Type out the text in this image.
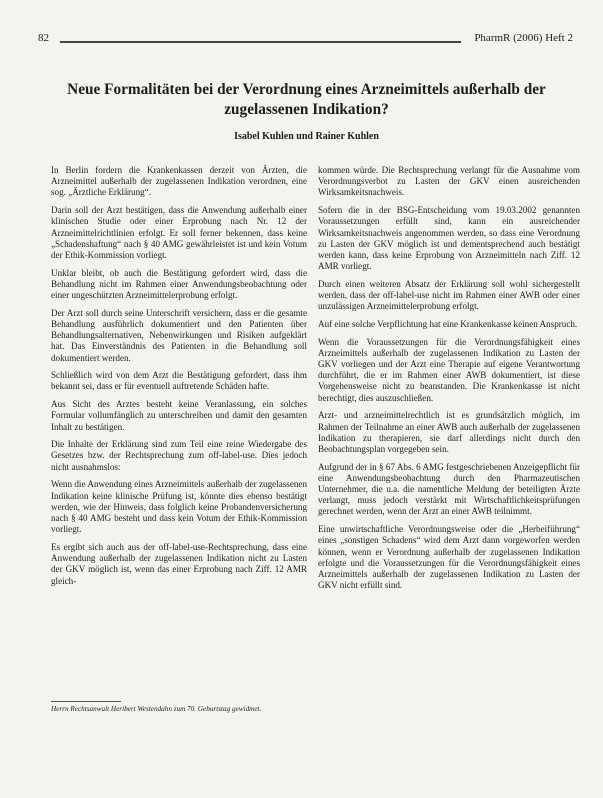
82	PharmR (2006) Heft 2
Neue Formalitäten bei der Verordnung eines Arzneimittels außerhalb der zugelassenen Indikation?
Isabel Kuhlen und Rainer Kuhlen

In Berlin fordern die Krankenkassen derzeit von Ärzten, die Arzneimittel außerhalb der zugelassenen Indikation verordnen, eine sog. „Ärztliche Erklärung“.

Darin soll der Arzt bestätigen, dass die Anwendung außerhalb einer klinischen Studie oder einer Erprobung nach Nr. 12 der Arzneimittelrichtlinien erfolgt. Er soll ferner bekennen, dass keine „Schadenshaftung“ nach § 40 AMG gewährleistet ist und kein Votum der Ethik-Kommission vorliegt.

Unklar bleibt, ob auch die Bestätigung gefordert wird, dass die Behandlung nicht im Rahmen einer Anwendungsbeobachtung oder einer ungeschützten Arzneimittelerprobung erfolgt.

Der Arzt soll durch seine Unterschrift versichern, dass er die gesamte Behandlung ausführlich dokumentiert und den Patienten über Behandlungsalternativen, Nebenwirkungen und Risiken aufgeklärt hat. Das Einverständnis des Patienten in die Behandlung soll dokumentiert werden.

Schließlich wird von dem Arzt die Bestätigung gefordert, dass ihm bekannt sei, dass er für eventuell auftretende Schäden hafte.

Aus Sicht des Arztes besteht keine Veranlassung, ein solches Formular vollumfänglich zu unterschreiben und damit den gesamten Inhalt zu bestätigen.

Die Inhalte der Erklärung sind zum Teil eine reine Wiedergabe des Gesetzes bzw. der Rechtsprechung zum off-label-use. Dies jedoch nicht ausnahmslos:

Wenn die Anwendung eines Arzneimittels außerhalb der zugelassenen Indikation keine klinische Prüfung ist, könnte dies ebenso bestätigt werden, wie der Hinweis, dass folglich keine Probandenversicherung nach § 40 AMG besteht und dass kein Votum der Ethik-Kommission vorliegt.

Es ergibt sich auch aus der off-label-use-Rechtsprechung, dass eine Anwendung außerhalb der zugelassenen Indikation nicht zu Lasten der GKV möglich ist, wenn das einer Erprobung nach Ziff. 12 AMR gleich-

kommen würde. Die Rechtsprechung verlangt für die Ausnahme vom Verordnungsverbot zu Lasten der GKV einen ausreichenden Wirksamkeitsnachweis.

Sofern die in der BSG-Entscheidung vom 19.03.2002 genannten Voraussetzungen erfüllt sind, kann ein ausreichender Wirksamkeitsnachweis angenommen werden, so dass eine Verordnung zu Lasten der GKV möglich ist und dementsprechend auch bestätigt werden kann, dass keine Erprobung von Arzneimitteln nach Ziff. 12 AMR vorliegt.

Durch einen weiteren Absatz der Erklärung soll wohl sichergestellt werden, dass der off-label-use nicht im Rahmen einer AWB oder einer unzulässigen Arzneimittelerprobung erfolgt.

Auf eine solche Verpflichtung hat eine Krankenkasse keinen Anspruch.

Wenn die Voraussetzungen für die Verordnungsfähigkeit eines Arzneimittels außerhalb der zugelassenen Indikation zu Lasten der GKV vorliegen und der Arzt eine Therapie auf eigene Verantwortung durchführt, die er im Rahmen einer AWB dokumentiert, ist diese Vorgehensweise nicht zu beanstanden. Die Krankenkasse ist nicht berechtigt, dies auszuschließen.

Arzt- und arzneimittelrechtlich ist es grundsätzlich möglich, im Rahmen der Teilnahme an einer AWB auch außerhalb der zugelassenen Indikation zu therapieren, sie darf allerdings nicht durch den Beobachtungsplan vorgegeben sein.

Aufgrund der in § 67 Abs. 6 AMG festgeschriebenen Anzeigepflicht für eine Anwendungsbeobachtung durch den Pharmazeutischen Unternehmer, die u.a. die namentliche Meldung der beteiligten Ärzte verlangt, muss jedoch verstärkt mit Wirtschaftlichkeitsprüfungen gerechnet werden, wenn der Arzt an einer AWB teilnimmt.

Eine unwirtschaftliche Verordnungsweise oder die „Herbeiführung“ eines „sonstigen Schadens“ wird dem Arzt dann vorgeworfen werden können, wenn er Verordnung außerhalb der zugelassenen Indikation erfolgte und die Voraussetzungen für die Verordnungsfähigkeit eines Arzneimittels außerhalb der zugelassenen Indikation zu Lasten der GKV nicht erfüllt sind.

Herrn Rechtsanwalt Heribert Westendahn zum 70. Geburtstag gewidmet.
